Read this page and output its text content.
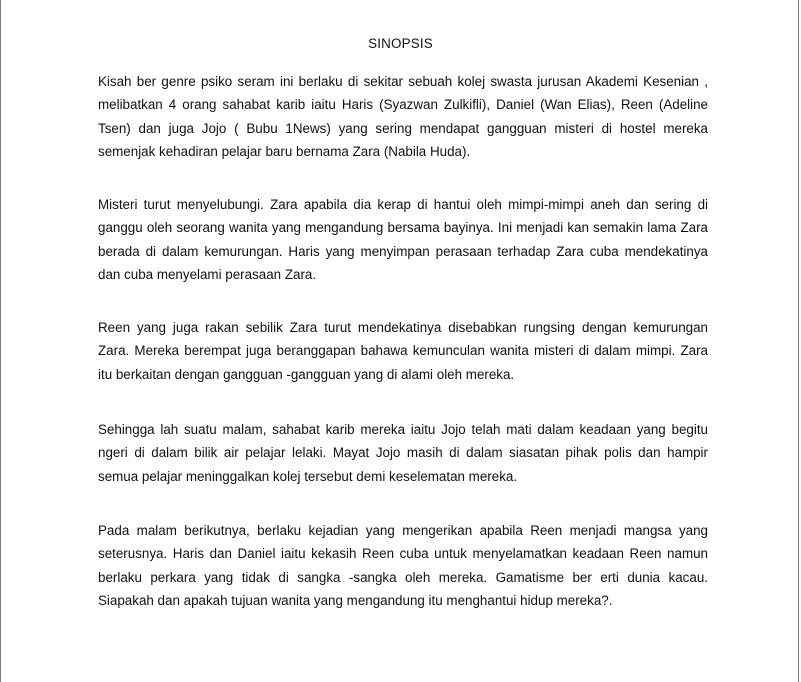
SINOPSIS

Kisah ber genre psiko seram ini berlaku di sekitar sebuah kolej swasta jurusan Akademi Kesenian ,
melibatkan 4 orang sahabat karib iaitu Haris (Syazwan Zulkifli), Daniel (Wan Elias), Reen (Adeline
Tsen) dan juga Jojo ( Bubu 1News) yang sering mendapat gangguan misteri di hostel mereka
semenjak kehadiran pelajar baru bernama Zara (Nabila Huda).

Misteri turut menyelubungi. Zara apabila dia kerap di hantui oleh mimpi-mimpi aneh dan sering di
ganggu oleh seorang wanita yang mengandung bersama bayinya. Ini menjadi kan semakin lama Zara
berada di dalam kemurungan. Haris yang menyimpan perasaan terhadap Zara cuba mendekatinya
dan cuba menyelami perasaan Zara.

Reen yang juga rakan sebilik Zara turut mendekatinya disebabkan rungsing dengan kemurungan
Zara. Mereka berempat juga beranggapan bahawa kemunculan wanita misteri di dalam mimpi. Zara
itu berkaitan dengan gangguan -gangguan yang di alami oleh mereka.

Sehingga lah suatu malam, sahabat karib mereka iaitu Jojo telah mati dalam keadaan yang begitu
ngeri di dalam bilik air pelajar lelaki. Mayat Jojo masih di dalam siasatan pihak polis dan hampir
semua pelajar meninggalkan kolej tersebut demi keselematan mereka.

Pada malam berikutnya, berlaku kejadian yang mengerikan apabila Reen menjadi mangsa yang
seterusnya. Haris dan Daniel iaitu kekasih Reen cuba untuk menyelamatkan keadaan Reen namun
berlaku perkara yang tidak di sangka -sangka oleh mereka. Gamatisme ber erti dunia kacau.
Siapakah dan apakah tujuan wanita yang mengandung itu menghantui hidup mereka?.
